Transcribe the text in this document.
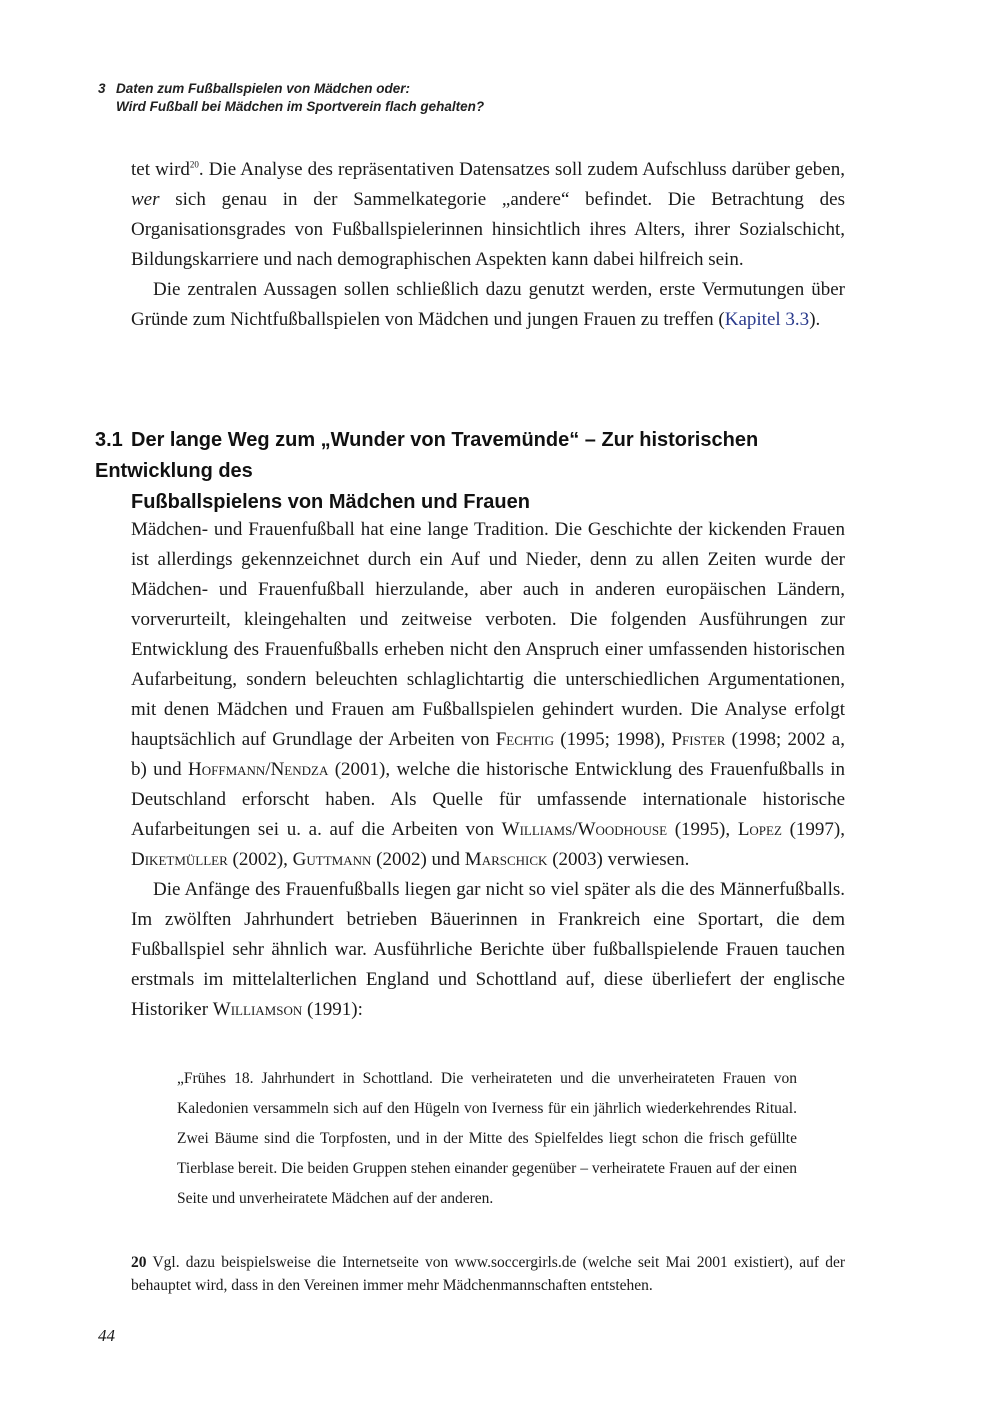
3 Daten zum Fußballspielen von Mädchen oder:
Wird Fußball bei Mädchen im Sportverein flach gehalten?

tet wird$^{20}$. Die Analyse des repräsentativen Datensatzes soll zudem Aufschluss darüber geben, wer sich genau in der Sammelkategorie „andere“ befindet. Die Betrachtung des Organisationsgrades von Fußballspielerinnen hinsichtlich ihres Alters, ihrer Sozialschicht, Bildungskarriere und nach demographischen Aspekten kann dabei hilfreich sein.

Die zentralen Aussagen sollen schließlich dazu genutzt werden, erste Vermutungen über Gründe zum Nichtfußballspielen von Mädchen und jungen Frauen zu treffen (Kapitel 3.3).

3.1 Der lange Weg zum „Wunder von Travemünde“ – Zur historischen Entwicklung des
Fußballspielens von Mädchen und Frauen

Mädchen- und Frauenfußball hat eine lange Tradition. Die Geschichte der kickenden Frauen ist allerdings gekennzeichnet durch ein Auf und Nieder, denn zu allen Zeiten wurde der Mädchen- und Frauenfußball hierzulande, aber auch in anderen europäischen Ländern, vorverurteilt, kleingehalten und zeitweise verboten. Die folgenden Ausführungen zur Entwicklung des Frauenfußballs erheben nicht den Anspruch einer umfassenden historischen Aufarbeitung, sondern beleuchten schlaglichtartig die unterschiedlichen Argumentationen, mit denen Mädchen und Frauen am Fußballspielen gehindert wurden. Die Analyse erfolgt hauptsächlich auf Grundlage der Arbeiten von Fechtig (1995; 1998), Pfister (1998; 2002 a, b) und Hoffmann/Nendza (2001), welche die historische Entwicklung des Frauenfußballs in Deutschland erforscht haben. Als Quelle für umfassende internationale historische Aufarbeitungen sei u. a. auf die Arbeiten von Williams/Woodhouse (1995), Lopez (1997), Diketmüller (2002), Guttmann (2002) und Marschick (2003) verwiesen.

Die Anfänge des Frauenfußballs liegen gar nicht so viel später als die des Männerfußballs. Im zwölften Jahrhundert betrieben Bäuerinnen in Frankreich eine Sportart, die dem Fußballspiel sehr ähnlich war. Ausführliche Berichte über fußballspielende Frauen tauchen erstmals im mittelalterlichen England und Schottland auf, diese überliefert der englische Historiker Williamson (1991):

„Frühes 18. Jahrhundert in Schottland. Die verheirateten und die unverheirateten Frauen von Kaledonien versammeln sich auf den Hügeln von Iverness für ein jährlich wiederkehrendes Ritual. Zwei Bäume sind die Torpfosten, und in der Mitte des Spielfeldes liegt schon die frisch gefüllte Tierblase bereit. Die beiden Gruppen stehen einander gegenüber – verheiratete Frauen auf der einen Seite und unverheiratete Mädchen auf der anderen.

20 Vgl. dazu beispielsweise die Internetseite von www.soccergirls.de (welche seit Mai 2001 existiert), auf der behauptet wird, dass in den Vereinen immer mehr Mädchenmannschaften entstehen.
44
